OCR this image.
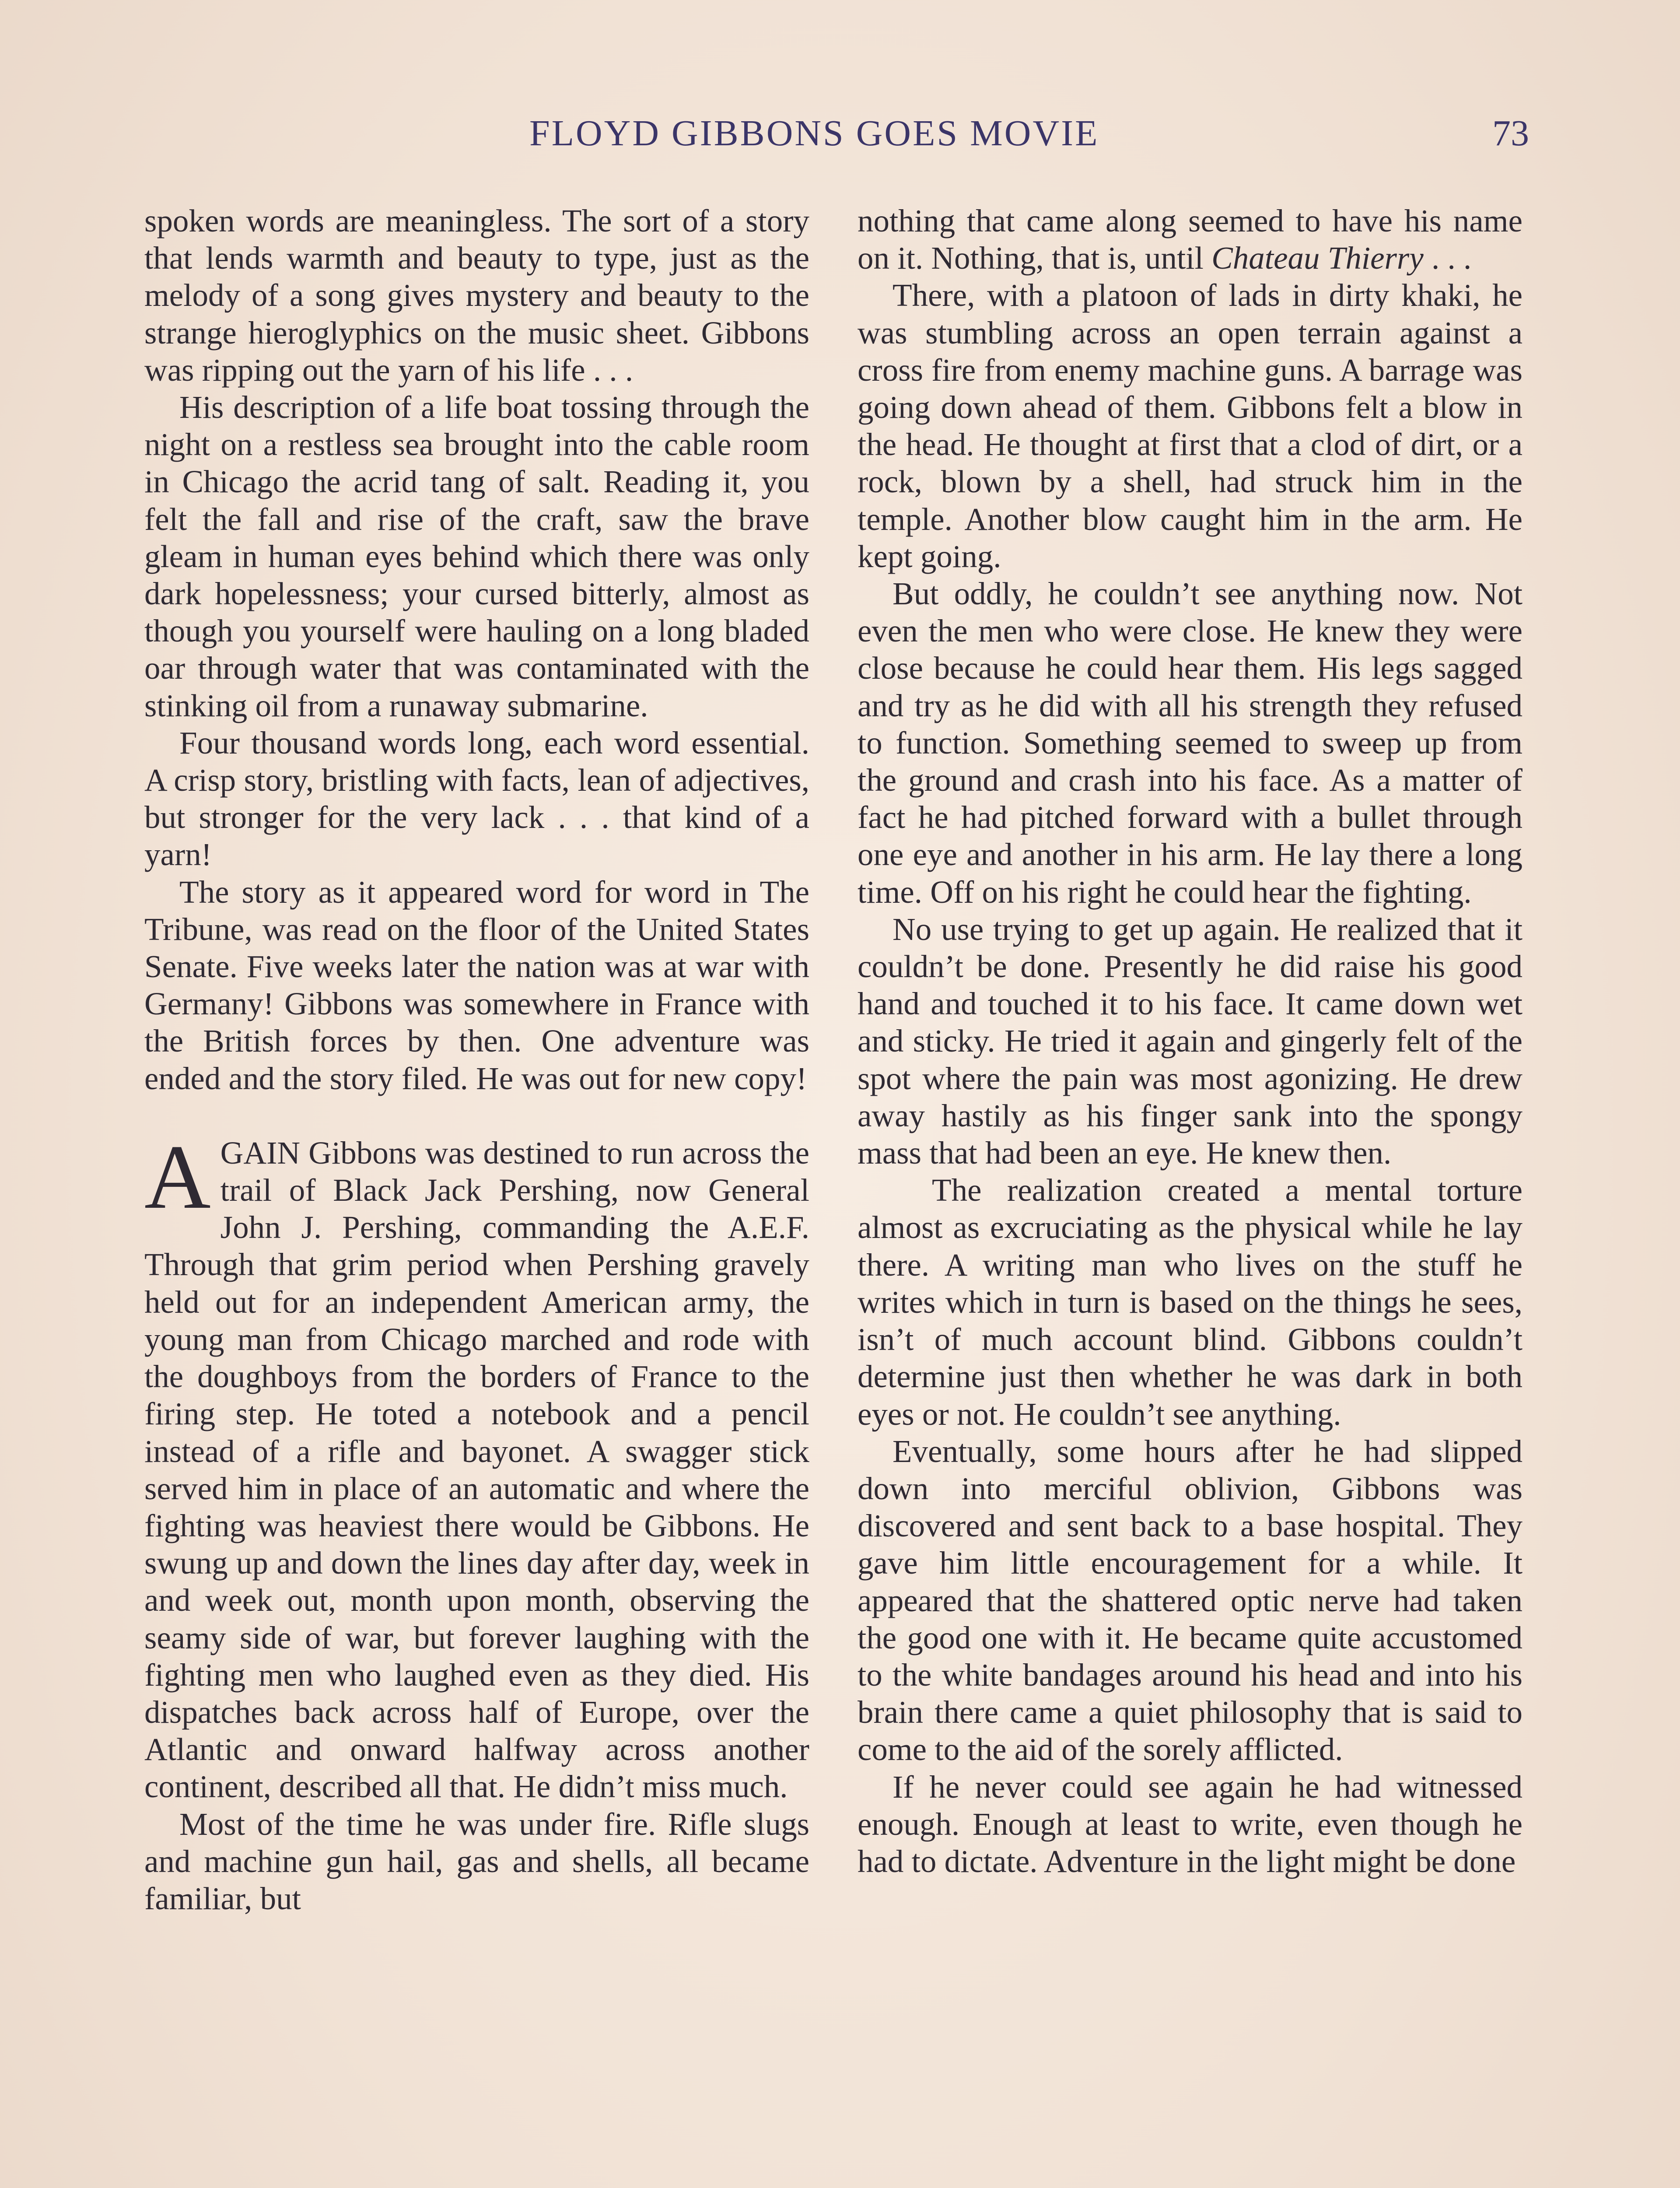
FLOYD GIBBONS GOES MOVIE	73

spoken words are meaningless. The sort of a story that lends warmth and beauty to type, just as the melody of a song gives mystery and beauty to the strange hieroglyphics on the music sheet. Gibbons was ripping out the yarn of his life . . .

His description of a life boat tossing through the night on a restless sea brought into the cable room in Chicago the acrid tang of salt. Reading it, you felt the fall and rise of the craft, saw the brave gleam in human eyes behind which there was only dark hopelessness; your cursed bitterly, almost as though you yourself were hauling on a long bladed oar through water that was contaminated with the stinking oil from a runaway submarine.

Four thousand words long, each word essential. A crisp story, bristling with facts, lean of adjectives, but stronger for the very lack . . . that kind of a yarn!

The story as it appeared word for word in The Tribune, was read on the floor of the United States Senate. Five weeks later the nation was at war with Germany! Gibbons was somewhere in France with the British forces by then. One adventure was ended and the story filed. He was out for new copy!

AGAIN Gibbons was destined to run across the trail of Black Jack Pershing, now General John J. Pershing, commanding the A.E.F. Through that grim period when Pershing gravely held out for an independent American army, the young man from Chicago marched and rode with the doughboys from the borders of France to the firing step. He toted a notebook and a pencil instead of a rifle and bayonet. A swagger stick served him in place of an automatic and where the fighting was heaviest there would be Gibbons. He swung up and down the lines day after day, week in and week out, month upon month, observing the seamy side of war, but forever laughing with the fighting men who laughed even as they died. His dispatches back across half of Europe, over the Atlantic and onward halfway across another continent, described all that. He didn’t miss much.

Most of the time he was under fire. Rifle slugs and machine gun hail, gas and shells, all became familiar, but

nothing that came along seemed to have his name on it. Nothing, that is, until Chateau Thierry . . .

There, with a platoon of lads in dirty khaki, he was stumbling across an open terrain against a cross fire from enemy machine guns. A barrage was going down ahead of them. Gibbons felt a blow in the head. He thought at first that a clod of dirt, or a rock, blown by a shell, had struck him in the temple. Another blow caught him in the arm. He kept going.

But oddly, he couldn’t see anything now. Not even the men who were close. He knew they were close because he could hear them. His legs sagged and try as he did with all his strength they refused to function. Something seemed to sweep up from the ground and crash into his face. As a matter of fact he had pitched forward with a bullet through one eye and another in his arm. He lay there a long time. Off on his right he could hear the fighting.

No use trying to get up again. He realized that it couldn’t be done. Presently he did raise his good hand and touched it to his face. It came down wet and sticky. He tried it again and gingerly felt of the spot where the pain was most agonizing. He drew away hastily as his finger sank into the spongy mass that had been an eye. He knew then.

The realization created a mental torture almost as excruciating as the physical while he lay there. A writing man who lives on the stuff he writes which in turn is based on the things he sees, isn’t of much account blind. Gibbons couldn’t determine just then whether he was dark in both eyes or not. He couldn’t see anything.

Eventually, some hours after he had slipped down into merciful oblivion, Gibbons was discovered and sent back to a base hospital. They gave him little encouragement for a while. It appeared that the shattered optic nerve had taken the good one with it. He became quite accustomed to the white bandages around his head and into his brain there came a quiet philosophy that is said to come to the aid of the sorely afflicted.

If he never could see again he had witnessed enough. Enough at least to write, even though he had to dictate. Adventure in the light might be done
